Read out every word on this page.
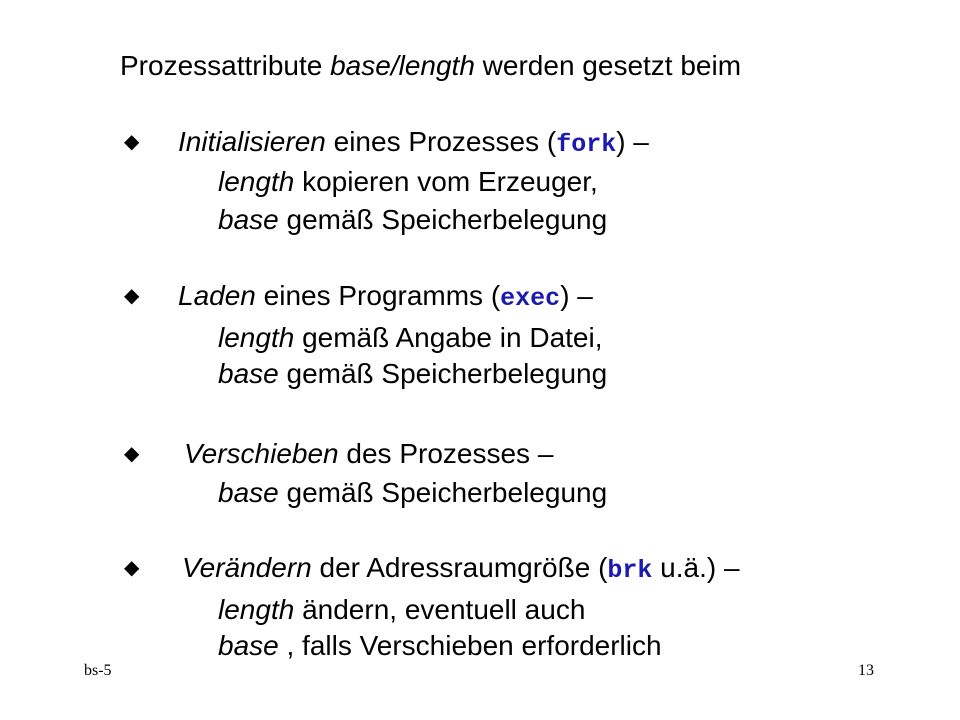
Prozessattribute base/length werden gesetzt beim
◆ Initialisieren eines Prozesses (fork) –
length kopieren vom Erzeuger,
base gemäß Speicherbelegung
◆ Laden eines Programms (exec) –
length gemäß Angabe in Datei,
base gemäß Speicherbelegung
◆ Verschieben des Prozesses –
base gemäß Speicherbelegung
◆ Verändern der Adressraumgröße (brk u.ä.) –
length ändern, eventuell auch
base , falls Verschieben erforderlich
bs-5	13
